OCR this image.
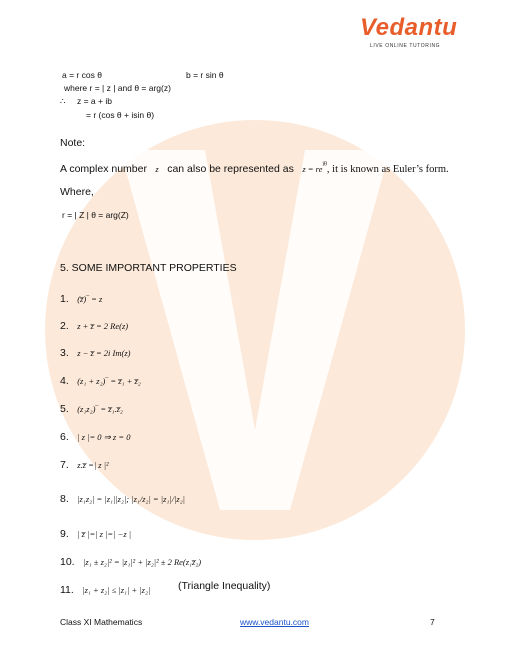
Vedantu
LIVE ONLINE TUTORING
a = r cos θ	b = r sin θ
where r = | z | and θ = arg(z)
∴ z = a + ib
= r (cos θ + isin θ)
Note:
A complex number z can also be represented as $z = re^{i\theta}$, it is known as Euler’s form.
Where,
r = | Z | θ = arg(Z)
5. SOME IMPORTANT PROPERTIES
1. (z̅)‾ = z
2. z + z̅ = 2 Re(z)
3. z − z̅ = 2i Im(z)
4. (z₁ + z₂)‾ = z̅₁ + z̅₂
5. (z₁z₂)‾ = z̅₁.z̅₂
6. | z |= 0 ⇒ z = 0
7. z.z̅ =| z |²
8. |z₁z₂| = |z₁||z₂|; |z₁/z₂| = |z₁|/|z₂|
9. | z̅ |=| z |=| −z |
10. |z₁ ± z₂|² = |z₁|² + |z₂|² ± 2 Re(z₁z̅₂)
11. |z₁ + z₂| ≤ |z₁| + |z₂|	(Triangle Inequality)
Class XI Mathematics	www.vedantu.com	7
